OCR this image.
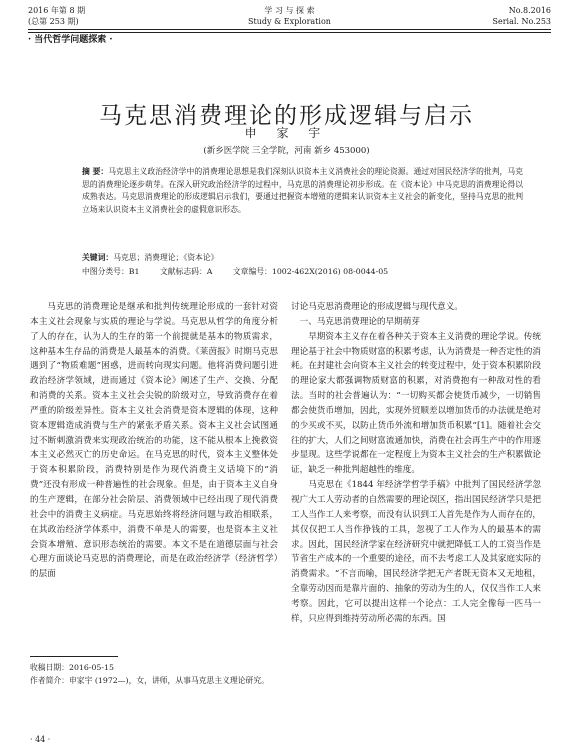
2016 年第 8 期
(总第 253 期)
学 习 与 探 索
Study & Exploration
No.8.2016
Serial. No.253
· 当代哲学问题探索 ·
马克思消费理论的形成逻辑与启示
申 家 宇
(新乡医学院 三全学院，河南 新乡 453000)
摘 要：马克思主义政治经济学中的消费理论思想是我们深刻认识资本主义消费社会的理论资源。通过对国民经济学的批判，马克思的消费理论逐步萌芽。在深入研究政治经济学的过程中，马克思的消费理论初步形成。在《资本论》中马克思的消费理论得以成熟表达。马克思消费理论的形成逻辑启示我们，要通过把握资本增殖的逻辑来认识资本主义社会的新变化，坚持马克思的批判立场来认识资本主义消费社会的虚假意识形态。
关键词：马克思；消费理论；《资本论》
中图分类号：B1	文献标志码：A	文章编号：1002-462X(2016) 08-0044-05

马克思的消费理论是继承和批判传统理论形成的一套针对资本主义社会现象与实质的理论与学说。马克思从哲学的角度分析了人的存在，认为人的生存的第一个前提就是基本的物质需求，这种基本生存品的消费是人最基本的消费。《莱茵报》时期马克思遇到了“物质难题”困惑，进而转向现实问题。他将消费问题引进政治经济学领域，进而通过《资本论》阐述了生产、交换、分配和消费的关系。资本主义社会尖锐的阶级对立，导致消费存在着严重的阶级差异性。资本主义社会消费是资本逻辑的体现，这种资本逻辑造成消费与生产的紧张矛盾关系。资本主义社会试图通过不断刺激消费来实现政治统治的功能，这不能从根本上挽救资本主义必然灭亡的历史命运。在马克思的时代，资本主义整体处于资本积累阶段，消费特别是作为现代消费主义话境下的“消费”还没有形成一种普遍性的社会现象。但是，由于资本主义自身的生产逻辑，在部分社会阶层、消费领域中已经出现了现代消费社会中的消费主义病症。马克思始终将经济问题与政治相联系，在其政治经济学体系中，消费不单是人的需要，也是资本主义社会资本增殖、意识形态统治的需要。本文不是在道德层面与社会心理方面谈论马克思的消费理论，而是在政治经济学（经济哲学）的层面

讨论马克思消费理论的形成逻辑与现代意义。

一、马克思消费理论的早期萌芽

早期资本主义存在着各种关于资本主义消费的理论学说。传统理论基于社会中物质财富的积累考虑，认为消费是一种否定性的消耗。在封建社会向资本主义社会的转变过程中，处于资本积累阶段的理论家大都强调物质财富的积累，对消费抱有一种敌对性的看法。当时的社会普遍认为：“一切购买都会使货币减少，一切销售都会使货币增加，因此，实现外贸顺差以增加货币的办法就是绝对的少买或不买，以防止货币外流和增加货币积累”[1]。随着社会交往的扩大，人们之间财富流通加快，消费在社会再生产中的作用逐步显现。这些学说都在一定程度上为资本主义社会的生产积累做论证，缺乏一种批判超越性的维度。

马克思在《1844 年经济学哲学手稿》中批判了国民经济学忽视广大工人劳动者的自然需要的理论误区，指出国民经济学只是把工人当作工人来考察，而没有认识到工人首先是作为人而存在的，其仅仅把工人当作挣钱的工具，忽视了工人作为人的最基本的需求。因此，国民经济学家在经济研究中就把降低工人的工资当作是节省生产成本的一个重要的途径，而不去考虑工人及其家庭实际的消费需求。“不言而喻，国民经济学把无产者既无资本又无地租，全靠劳动因而是靠片面的、抽象的劳动为生的人，仅仅当作工人来考察。因此，它可以提出这样一个论点：工人完全像每一匹马一样，只应得到维持劳动所必需的东西。国

收稿日期：2016-05-15

作者简介：申家宇 (1972—)，女，讲师，从事马克思主义理论研究。

· 44 ·
